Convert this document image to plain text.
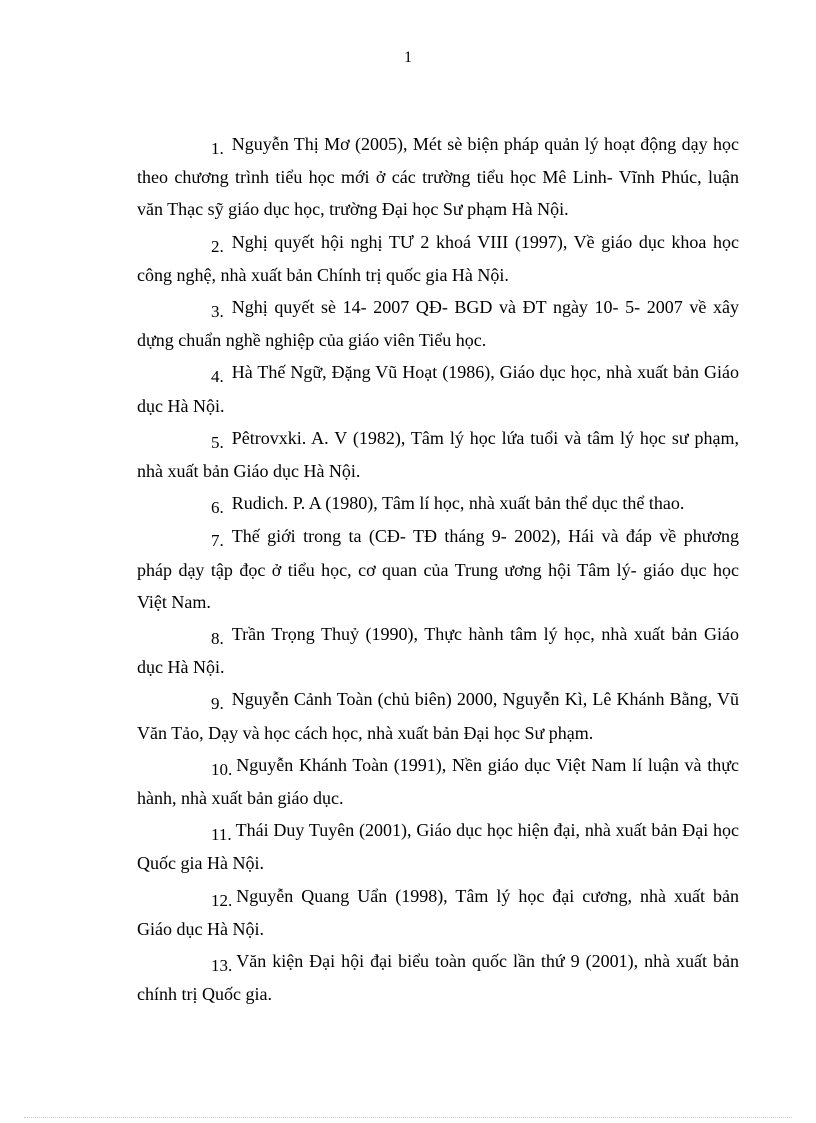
1
1. Nguyễn Thị Mơ (2005), Mét sè biện pháp quản lý hoạt động dạy học theo chương trình tiểu học mới ở các trường tiểu học Mê Linh- Vĩnh Phúc, luận văn Thạc sỹ giáo dục học, trường Đại học Sư phạm Hà Nội.
2. Nghị quyết hội nghị TƯ 2 khoá VIII (1997), Về giáo dục khoa học công nghệ, nhà xuất bản Chính trị quốc gia Hà Nội.
3. Nghị quyết sè 14- 2007 QĐ- BGD và ĐT ngày 10- 5- 2007 về xây dựng chuẩn nghề nghiệp của giáo viên Tiểu học.
4. Hà Thế Ngữ, Đặng Vũ Hoạt (1986), Giáo dục học, nhà xuất bản Giáo dục Hà Nội.
5. Pêtrovxki. A. V (1982), Tâm lý học lứa tuổi và tâm lý học sư phạm, nhà xuất bản Giáo dục Hà Nội.
6. Rudich. P. A (1980), Tâm lí học, nhà xuất bản thể dục thể thao.
7. Thế giới trong ta (CĐ- TĐ tháng 9- 2002), Hái và đáp về phương pháp dạy tập đọc ở tiểu học, cơ quan của Trung ương hội Tâm lý- giáo dục học Việt Nam.
8. Trần Trọng Thuỷ (1990), Thực hành tâm lý học, nhà xuất bản Giáo dục Hà Nội.
9. Nguyễn Cảnh Toàn (chủ biên) 2000, Nguyễn Kì, Lê Khánh Bằng, Vũ Văn Tảo, Dạy và học cách học, nhà xuất bản Đại học Sư phạm.
10. Nguyễn Khánh Toàn (1991), Nền giáo dục Việt Nam lí luận và thực hành, nhà xuất bản giáo dục.
11. Thái Duy Tuyên (2001), Giáo dục học hiện đại, nhà xuất bản Đại học Quốc gia Hà Nội.
12. Nguyễn Quang Uẩn (1998), Tâm lý học đại cương, nhà xuất bản Giáo dục Hà Nội.
13. Văn kiện Đại hội đại biểu toàn quốc lần thứ 9 (2001), nhà xuất bản chính trị Quốc gia.
